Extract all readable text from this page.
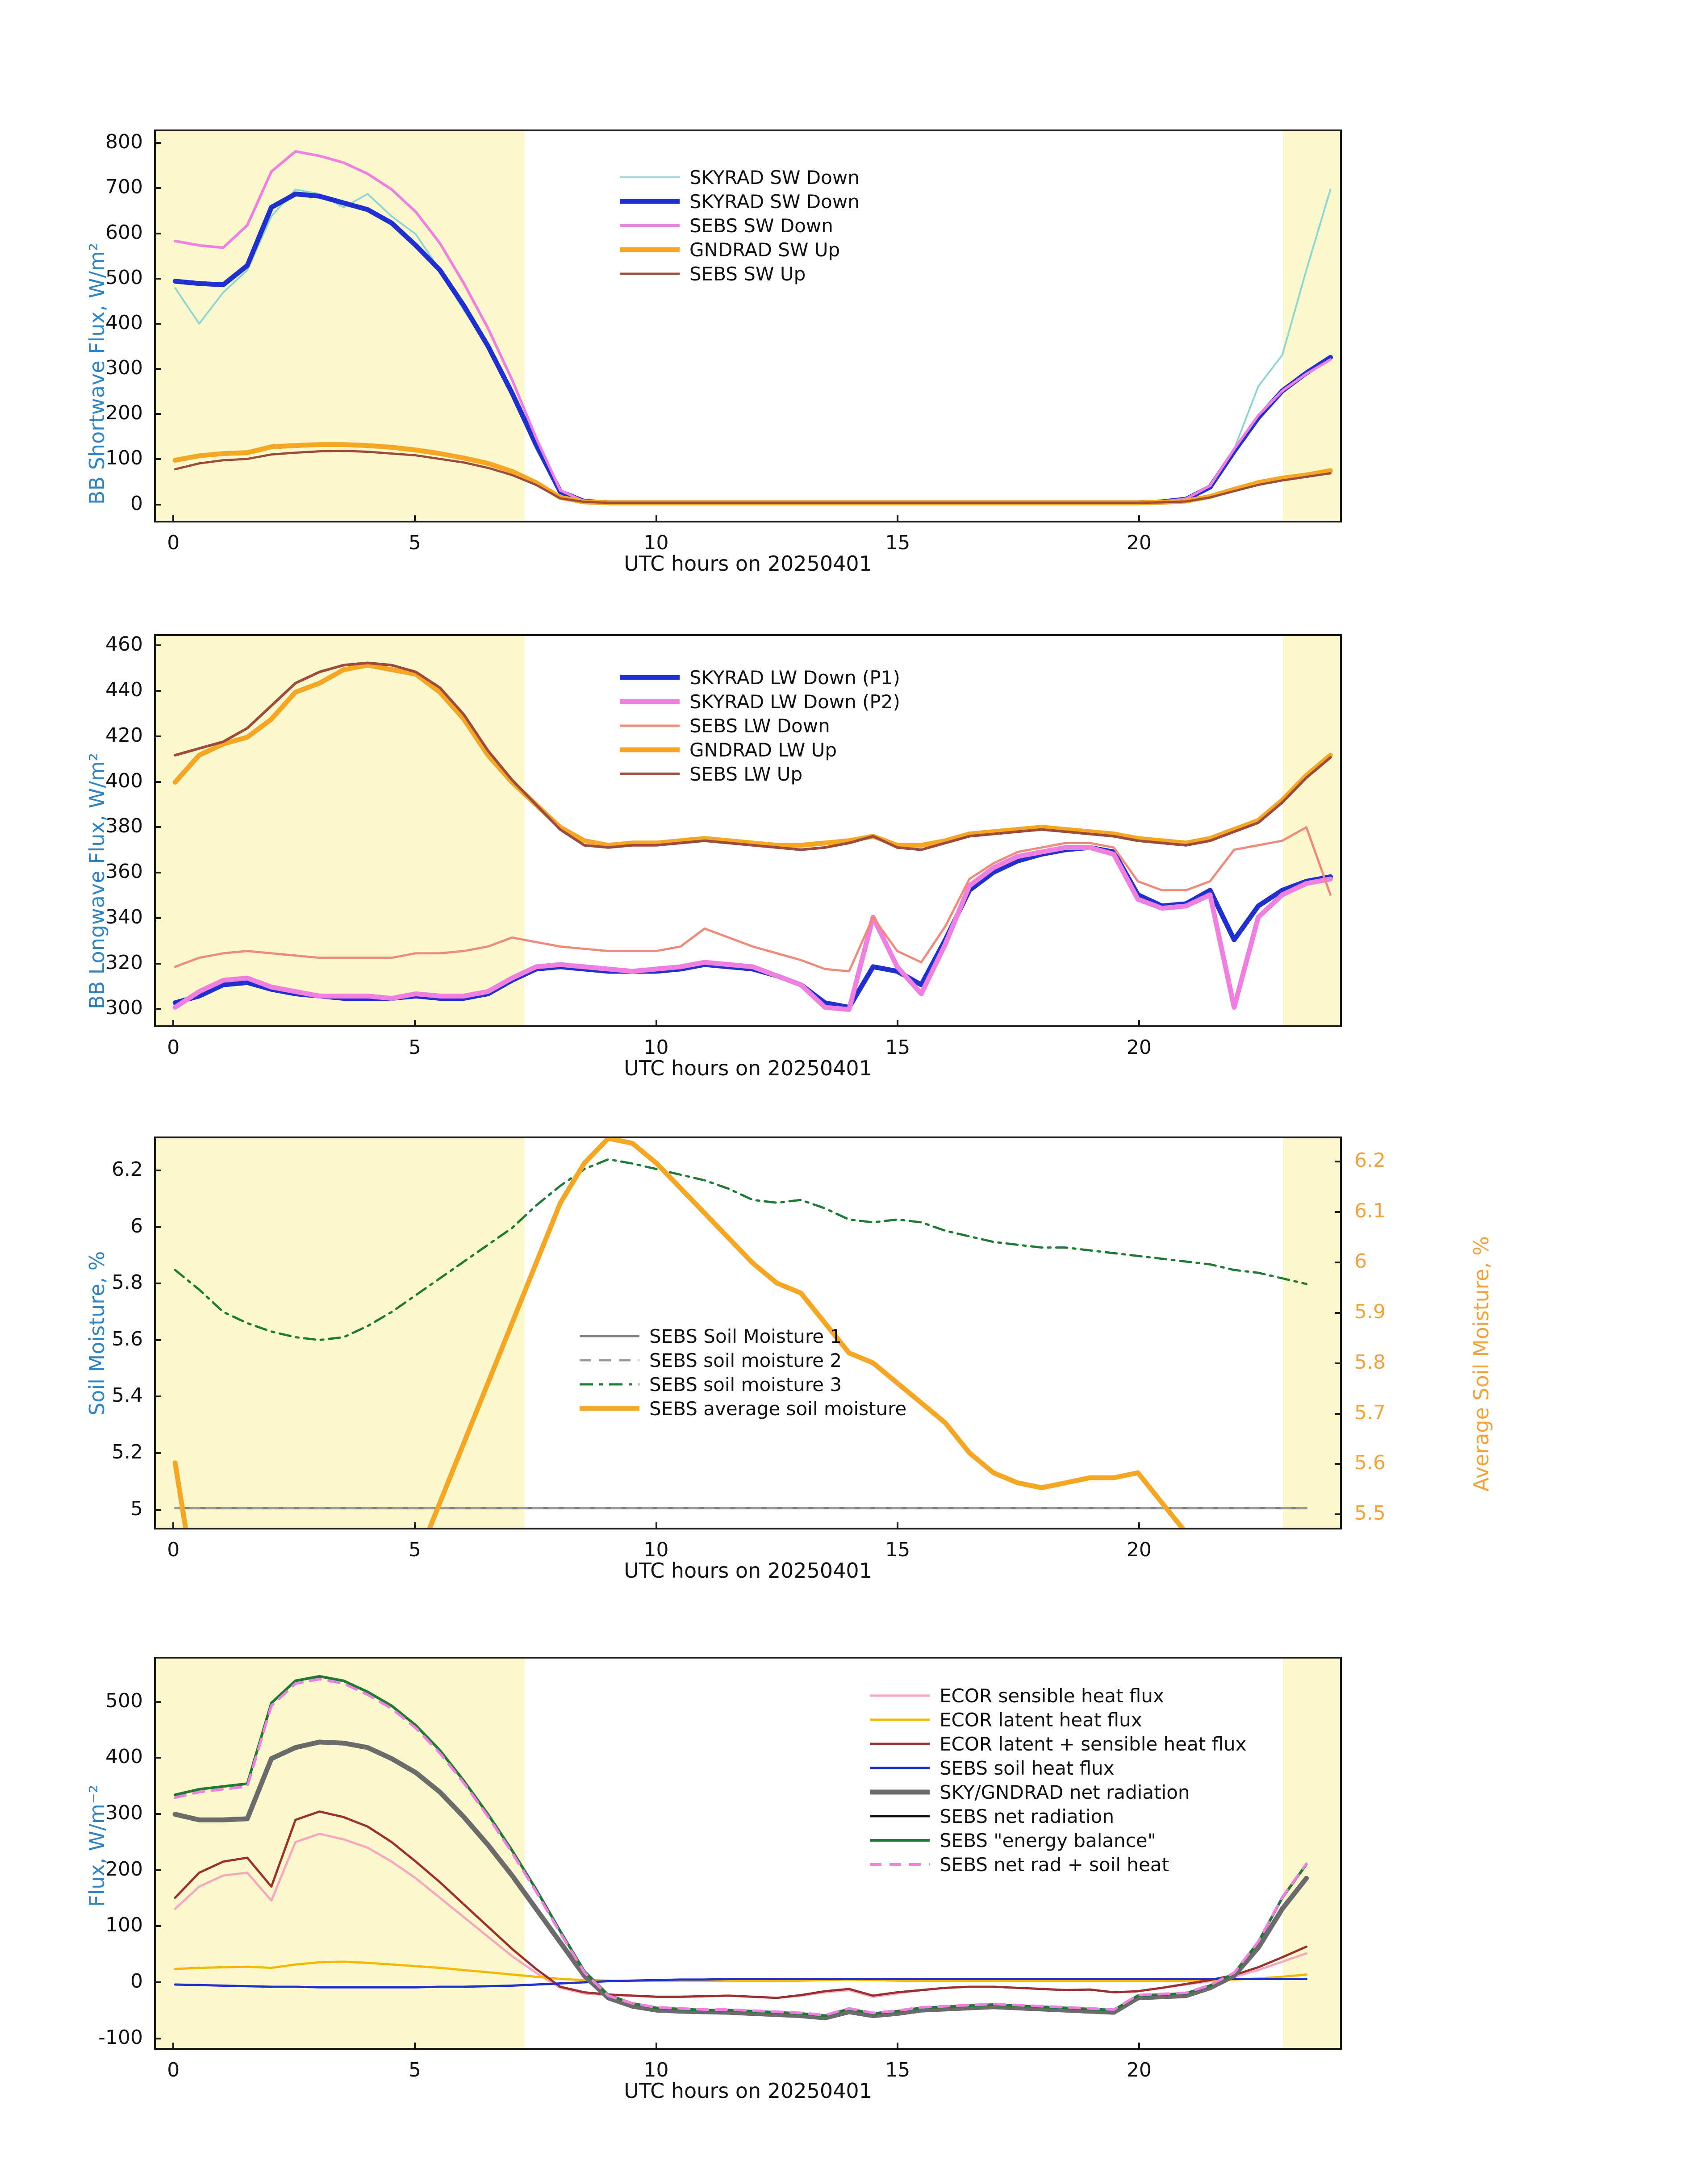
BB Shortwave Flux, W/m²
UTC hours on 20250401
BB Longwave Flux, W/m²
UTC hours on 20250401
Soil Moisture, %	Average Soil Moisture, %
UTC hours on 20250401
Flux, W/m⁻²
UTC hours on 20250401
0	5	10	15	20
0
100
200
300
400
500
600
700
800
0	5	10	15	20
300
320
340
360
380
400
420
440
460
0	5	10	15	20
5
5.2
5.4
5.6
5.8
6
6.2
5.5
5.6
5.7
5.8
5.9
6
6.1
6.2
0	5	10	15	20
-100
0
100
200
300
400
500
SKYRAD SW Down
SKYRAD SW Down
SEBS SW Down
GNDRAD SW Up
SEBS SW Up
SKYRAD LW Down (P1)
SKYRAD LW Down (P2)
SEBS LW Down
GNDRAD LW Up
SEBS LW Up
SEBS Soil Moisture 1
SEBS soil moisture 2
SEBS soil moisture 3
SEBS average soil moisture
ECOR sensible heat flux
ECOR latent heat flux
ECOR latent + sensible heat flux
SEBS soil heat flux
SKY/GNDRAD net radiation
SEBS net radiation
SEBS "energy balance"
SEBS net rad + soil heat
